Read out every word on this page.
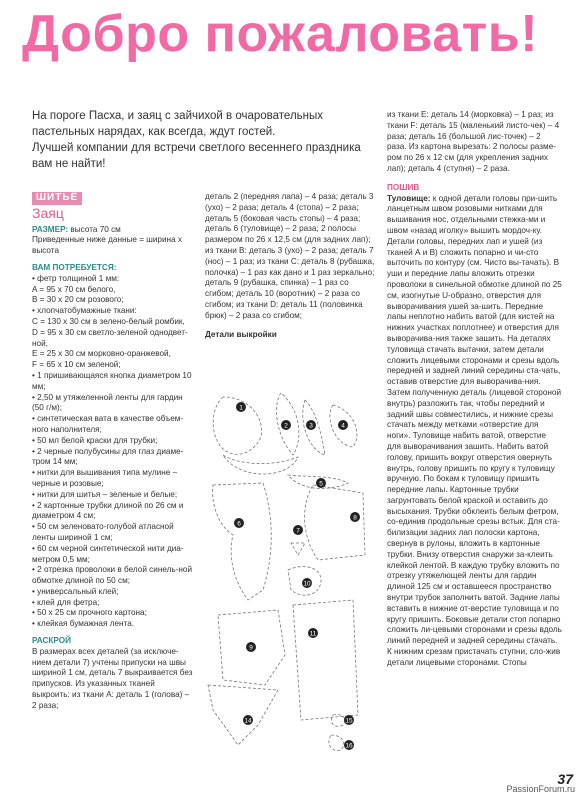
Добро пожаловать!

На пороге Пасха, и заяц с зайчихой в очаровательных пастельных нарядах, как всегда, ждут гостей.

Лучшей компании для встречи светлого весеннего праздника вам не найти!

ШИТЬЁ
Заяц

РАЗМЕР: высота 70 см

Приведенные ниже данные = ширина х высота

ВАМ ПОТРЕБУЕТСЯ:

• фетр толщиной 1 мм:
A = 95 x 70 см белого,
B = 30 x 20 см розового;
• хлопчатобумажные ткани:
C = 130 x 30 см в зелено-белый ромбик,
D = 95 x 30 см светло-зеленой однодвет-ной,
E = 25 x 30 см морковно-оранжевой,
F = 65 x 10 см зеленой;
• 1 пришивающаяся кнопка диаметром 10 мм;
• 2,50 м утяжеленной ленты для гардин (50 г/м);
• синтетическая вата в качестве объем-ного наполнителя;
• 50 мл белой краски для трубки;
• 2 черные полубусины для глаз диаме-тром 14 мм;
• нитки для вышивания типа мулине – черные и розовые;
• нитки для шитья – зеленые и белые;
• 2 картонные трубки длиной по 26 см и диаметром 4 см;
• 50 см зеленовато-голубой атласной ленты шириной 1 см;
• 60 см черной синтетической нити диа-метром 0,5 мм;
• 2 отрезка проволоки в белой синель-ной обмотке длиной по 50 см;
• универсальный клей;
• клей для фетра;
• 50 x 25 см прочного картона;
• клейкая бумажная лента.

РАСКРОЙ

В размерах всех деталей (за исключе-нием детали 7) учтены припуски на швы шириной 1 см, деталь 7 выкраивается без припусков. Из указанных тканей выкроить: из ткани А: деталь 1 (голова) – 2 раза;

деталь 2 (передняя лапа) – 4 раза; деталь 3 (ухо) – 2 раза; деталь 4 (стопа) – 2 раза; деталь 5 (боковая часть стопы) – 4 раза; деталь 6 (туловище) – 2 раза; 2 полосы размером по 26 x 12,5 см (для задних лап); из ткани B: деталь 3 (ухо) – 2 раза; деталь 7 (нос) – 1 раз; из ткани C: деталь 8 (рубашка, полочка) – 1 раз как дано и 1 раз зеркально; деталь 9 (рубашка, спинка) – 1 раз со сгибом; деталь 10 (воротник) – 2 раза со сгибом; из ткани D: деталь 11 (половинка брюк) – 2 раза со сгибом;

Детали выкройки

1
2	3	4
5
6
7
8
9
10
11
14	15
16

из ткани E: деталь 14 (морковка) – 1 раз; из ткани F: деталь 15 (маленький листо-чек) – 4 раза; деталь 16 (большой лис-точек) – 2 раза. Из картона вырезать: 2 полосы разме-ром по 26 x 12 см (для укрепления задних лап); деталь 4 (ступня) – 2 раза.

ПОШИВ

Туловище: к одной детали головы при-шить ланцетным швом розовыми нитками для вышивания нос, отдельными стежка-ми и швом «назад иголку» вышить мордоч-ку. Детали головы, передних лап и ушей (из тканей А и В) сложить попарно и чи-сто выточить по контуру (см. Чисто вы-тачать). В уши и передние лапы вложить отрезки проволоки в синельной обмотке длиной по 25 см, изогнутые U-образно, отверстия для выворачивания ушей за-шить. Передние лапы неплотно набить ватой (для кистей на нижних участках поплотнее) и отверстия для выворачива-ния также зашить. На деталях туловища стачать вытачки, затем детали сложить лицевыми сторонами и срезы вдоль передней и задней линий середины ста-чать, оставив отверстие для выворачива-ния. Затем полученную деталь (лицевой стороной внутрь) разложить так, чтобы передний и задний швы совместились, и нижние срезы стачать между метками «отверстие для ноги». Туловище набить ватой, отверстие для выворачивания зашить. Набить ватой голову, пришить вокруг отверстия овернуть внутрь, голову пришить по кругу к туловищу вручную. По бокам к туловищу пришить передние лапы. Картонные трубки загрунтовать белой краской и оставить до высыхания. Трубки обклеить белым фетром, со-единив продольные срезы встык. Для ста-билизации задних лап полоски картона, свернув в рулоны, вложить в картонные трубки. Внизу отверстия снаружи за-клеить клейкой лентой. В каждую трубку вложить по отрезку утяжелющей ленты для гардин длиной 125 см и оставшееся пространство внутри трубок заполнить ватой. Задние лапы вставить в нижние от-верстие туловища и по кругу пришить. Боковые детали стоп попарно сложить ли-цевыми сторонами и срезы вдоль линий передней и задней середины стачать. К нижним срезам пристачать ступни, сло-жив детали лицевыми сторонами. Стопы

37
PassionForum.ru
